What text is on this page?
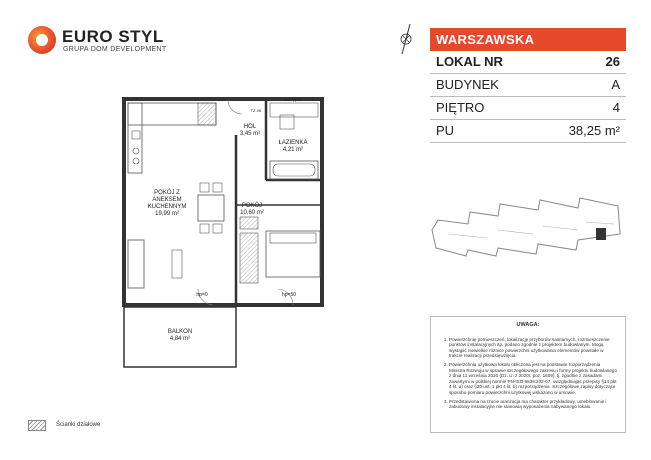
EURO STYL
GRUPA DOM DEVELOPMENT
WARSZAWSKA
LOKAL NR	26
BUDYNEK	A
PIĘTRO	4
PU	38,25 m²
HOL
3,45 m²
ŁAZIENKA
4,21 m²
POKÓJ Z ANEKSEM KUCHENNYM
19,99 m²
POKÓJ
10,60 m²
BALKON
4,84 m²
hp=0	hp=50
brak ppoż
TZ 4K
UWAGA:
1. Powierzchnię pomieszczeń, lokalizację przyborów sanitarnych, rozmieszczenie punktów instalacyjnych itp. podano zgodnie z projektem budowlanym. Mogą wystąpić niewielkie różnice powierzchni użytkowania elementów powstałe w trakcie realizacji przedsięwzięcia.
2. Powierzchnia użytkowa lokalu obliczona jest na podstawie rozporządzenia Ministra Rozwoju w sprawie szczegółowego zakresu i formy projektu budowlanego z dnia 11 września 2020 (Dz. U. z 2020r. poz. 1609), tj. zgodnie z zasadami zawartymi w polskiej normie PN-ISO 9836:202-07, uwzględniając przepisy §14 pkt 4 lit. a) oraz §20 ust. 1 pkt 4 lit. b) rozporządzenia. Szczegółowe zapisy dotyczące sposobu pomiaru powierzchni użytkowej wskazano w umowie.
3. Przedstawiona na rzucie aranżacja ma charakter przykładowy, umeblowanie i zabudowy instalacyjne nie stanowią wyposażenia nabywanego lokalu.
Ścianki działowe
